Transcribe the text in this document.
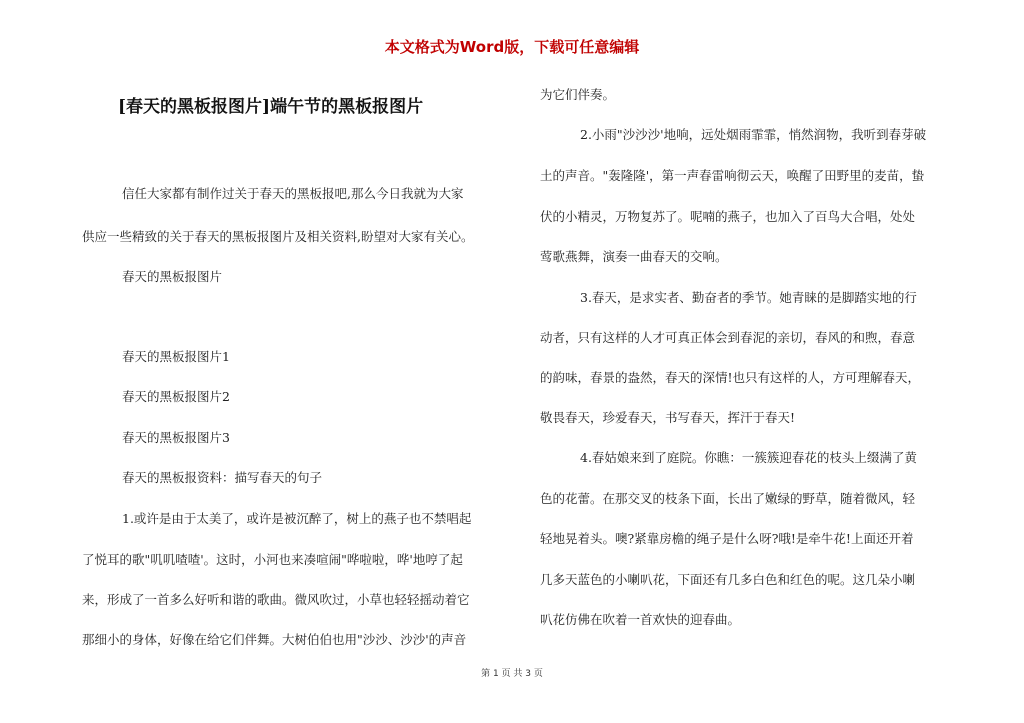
本文格式为Word版，下载可任意编辑
[春天的黑板报图片]端午节的黑板报图片
信任大家都有制作过关于春天的黑板报吧,那么今日我就为大家
供应一些精致的关于春天的黑板报图片及相关资料,盼望对大家有关心。
春天的黑板报图片
春天的黑板报图片1
春天的黑板报图片2
春天的黑板报图片3
春天的黑板报资料：描写春天的句子
1.或许是由于太美了，或许是被沉醉了，树上的燕子也不禁唱起
了悦耳的歌"叽叽喳喳'。这时，小河也来凑喧闹"哗啦啦，哗'地哼了起
来，形成了一首多么好听和谐的歌曲。微风吹过，小草也轻轻摇动着它
那细小的身体，好像在给它们伴舞。大树伯伯也用"沙沙、沙沙'的声音
为它们伴奏。
2.小雨"沙沙沙'地响，远处烟雨霏霏，悄然润物，我听到春芽破
土的声音。"轰隆隆'，第一声春雷响彻云天，唤醒了田野里的麦苗，蛰
伏的小精灵，万物复苏了。呢喃的燕子，也加入了百鸟大合唱，处处
莺歌燕舞，演奏一曲春天的交响。
3.春天，是求实者、勤奋者的季节。她青睐的是脚踏实地的行
动者，只有这样的人才可真正体会到春泥的亲切，春风的和煦，春意
的韵味，春景的盎然，春天的深情!也只有这样的人，方可理解春天，
敬畏春天，珍爱春天，书写春天，挥汗于春天!
4.春姑娘来到了庭院。你瞧：一簇簇迎春花的枝头上缀满了黄
色的花蕾。在那交叉的枝条下面，长出了嫩绿的野草，随着微风，轻
轻地晃着头。噢?紧靠房檐的绳子是什么呀?哦!是牵牛花!上面还开着
几多天蓝色的小喇叭花，下面还有几多白色和红色的呢。这几朵小喇
叭花仿佛在吹着一首欢快的迎春曲。
第 1 页 共 3 页
